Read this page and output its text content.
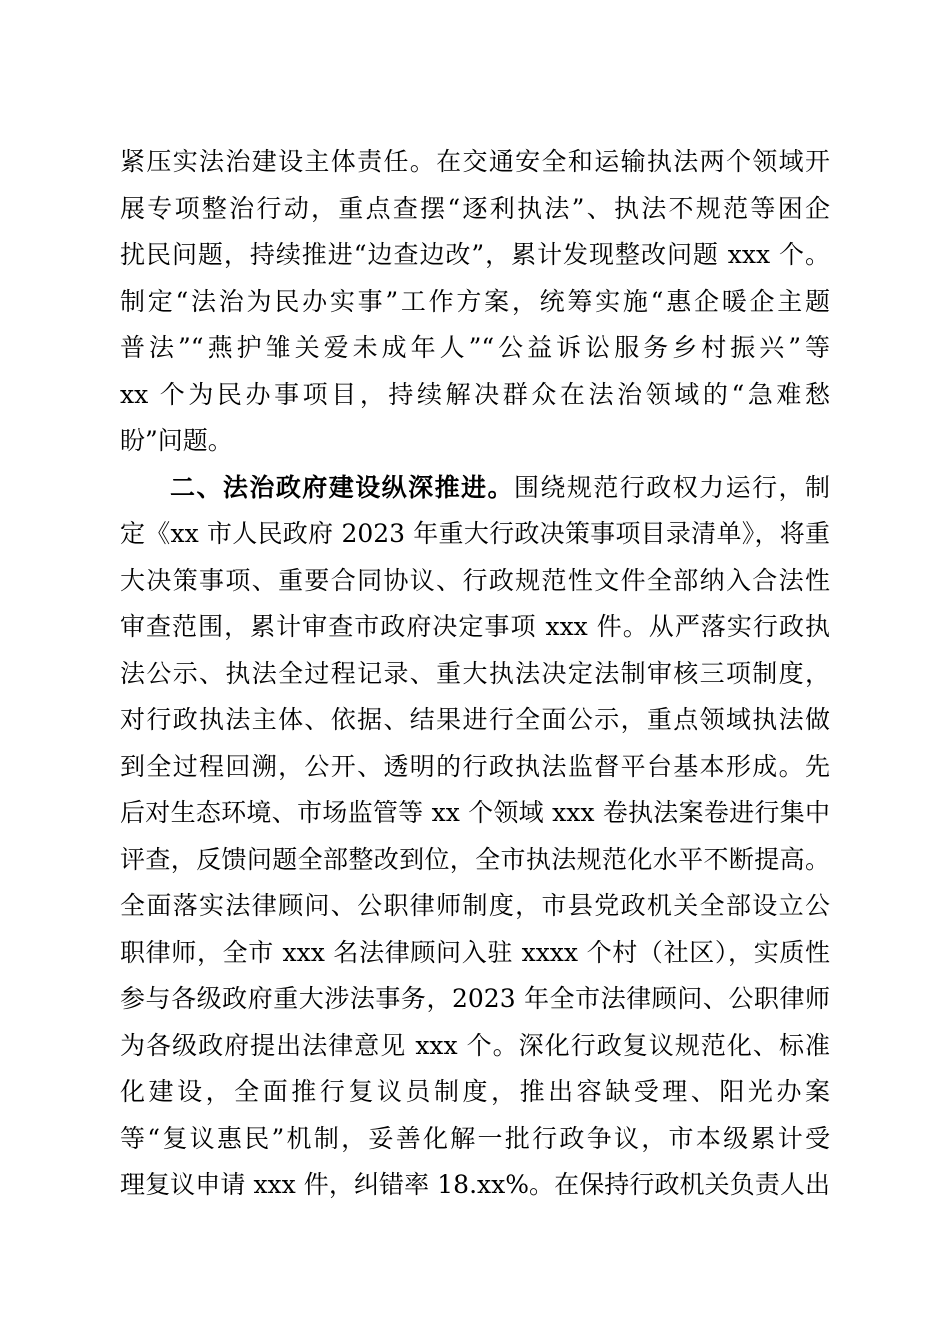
紧压实法治建设主体责任。在交通安全和运输执法两个领域开
展专项整治行动，重点查摆“逐利执法”、执法不规范等困企
扰民问题，持续推进“边查边改”，累计发现整改问题 xxx 个。
制定“法治为民办实事”工作方案，统筹实施“惠企暖企主题
普法”“燕护雏关爱未成年人”“公益诉讼服务乡村振兴”等
xx 个为民办事项目，持续解决群众在法治领域的“急难愁
盼”问题。
二、法治政府建设纵深推进。围绕规范行政权力运行，制
定《xx 市人民政府 2023 年重大行政决策事项目录清单》，将重
大决策事项、重要合同协议、行政规范性文件全部纳入合法性
审查范围，累计审查市政府决定事项 xxx 件。从严落实行政执
法公示、执法全过程记录、重大执法决定法制审核三项制度，
对行政执法主体、依据、结果进行全面公示，重点领域执法做
到全过程回溯，公开、透明的行政执法监督平台基本形成。先
后对生态环境、市场监管等 xx 个领域 xxx 卷执法案卷进行集中
评查，反馈问题全部整改到位，全市执法规范化水平不断提高。
全面落实法律顾问、公职律师制度，市县党政机关全部设立公
职律师，全市 xxx 名法律顾问入驻 xxxx 个村（社区），实质性
参与各级政府重大涉法事务，2023 年全市法律顾问、公职律师
为各级政府提出法律意见 xxx 个。深化行政复议规范化、标准
化建设，全面推行复议员制度，推出容缺受理、阳光办案
等“复议惠民”机制，妥善化解一批行政争议，市本级累计受
理复议申请 xxx 件，纠错率 18.xx%。在保持行政机关负责人出
